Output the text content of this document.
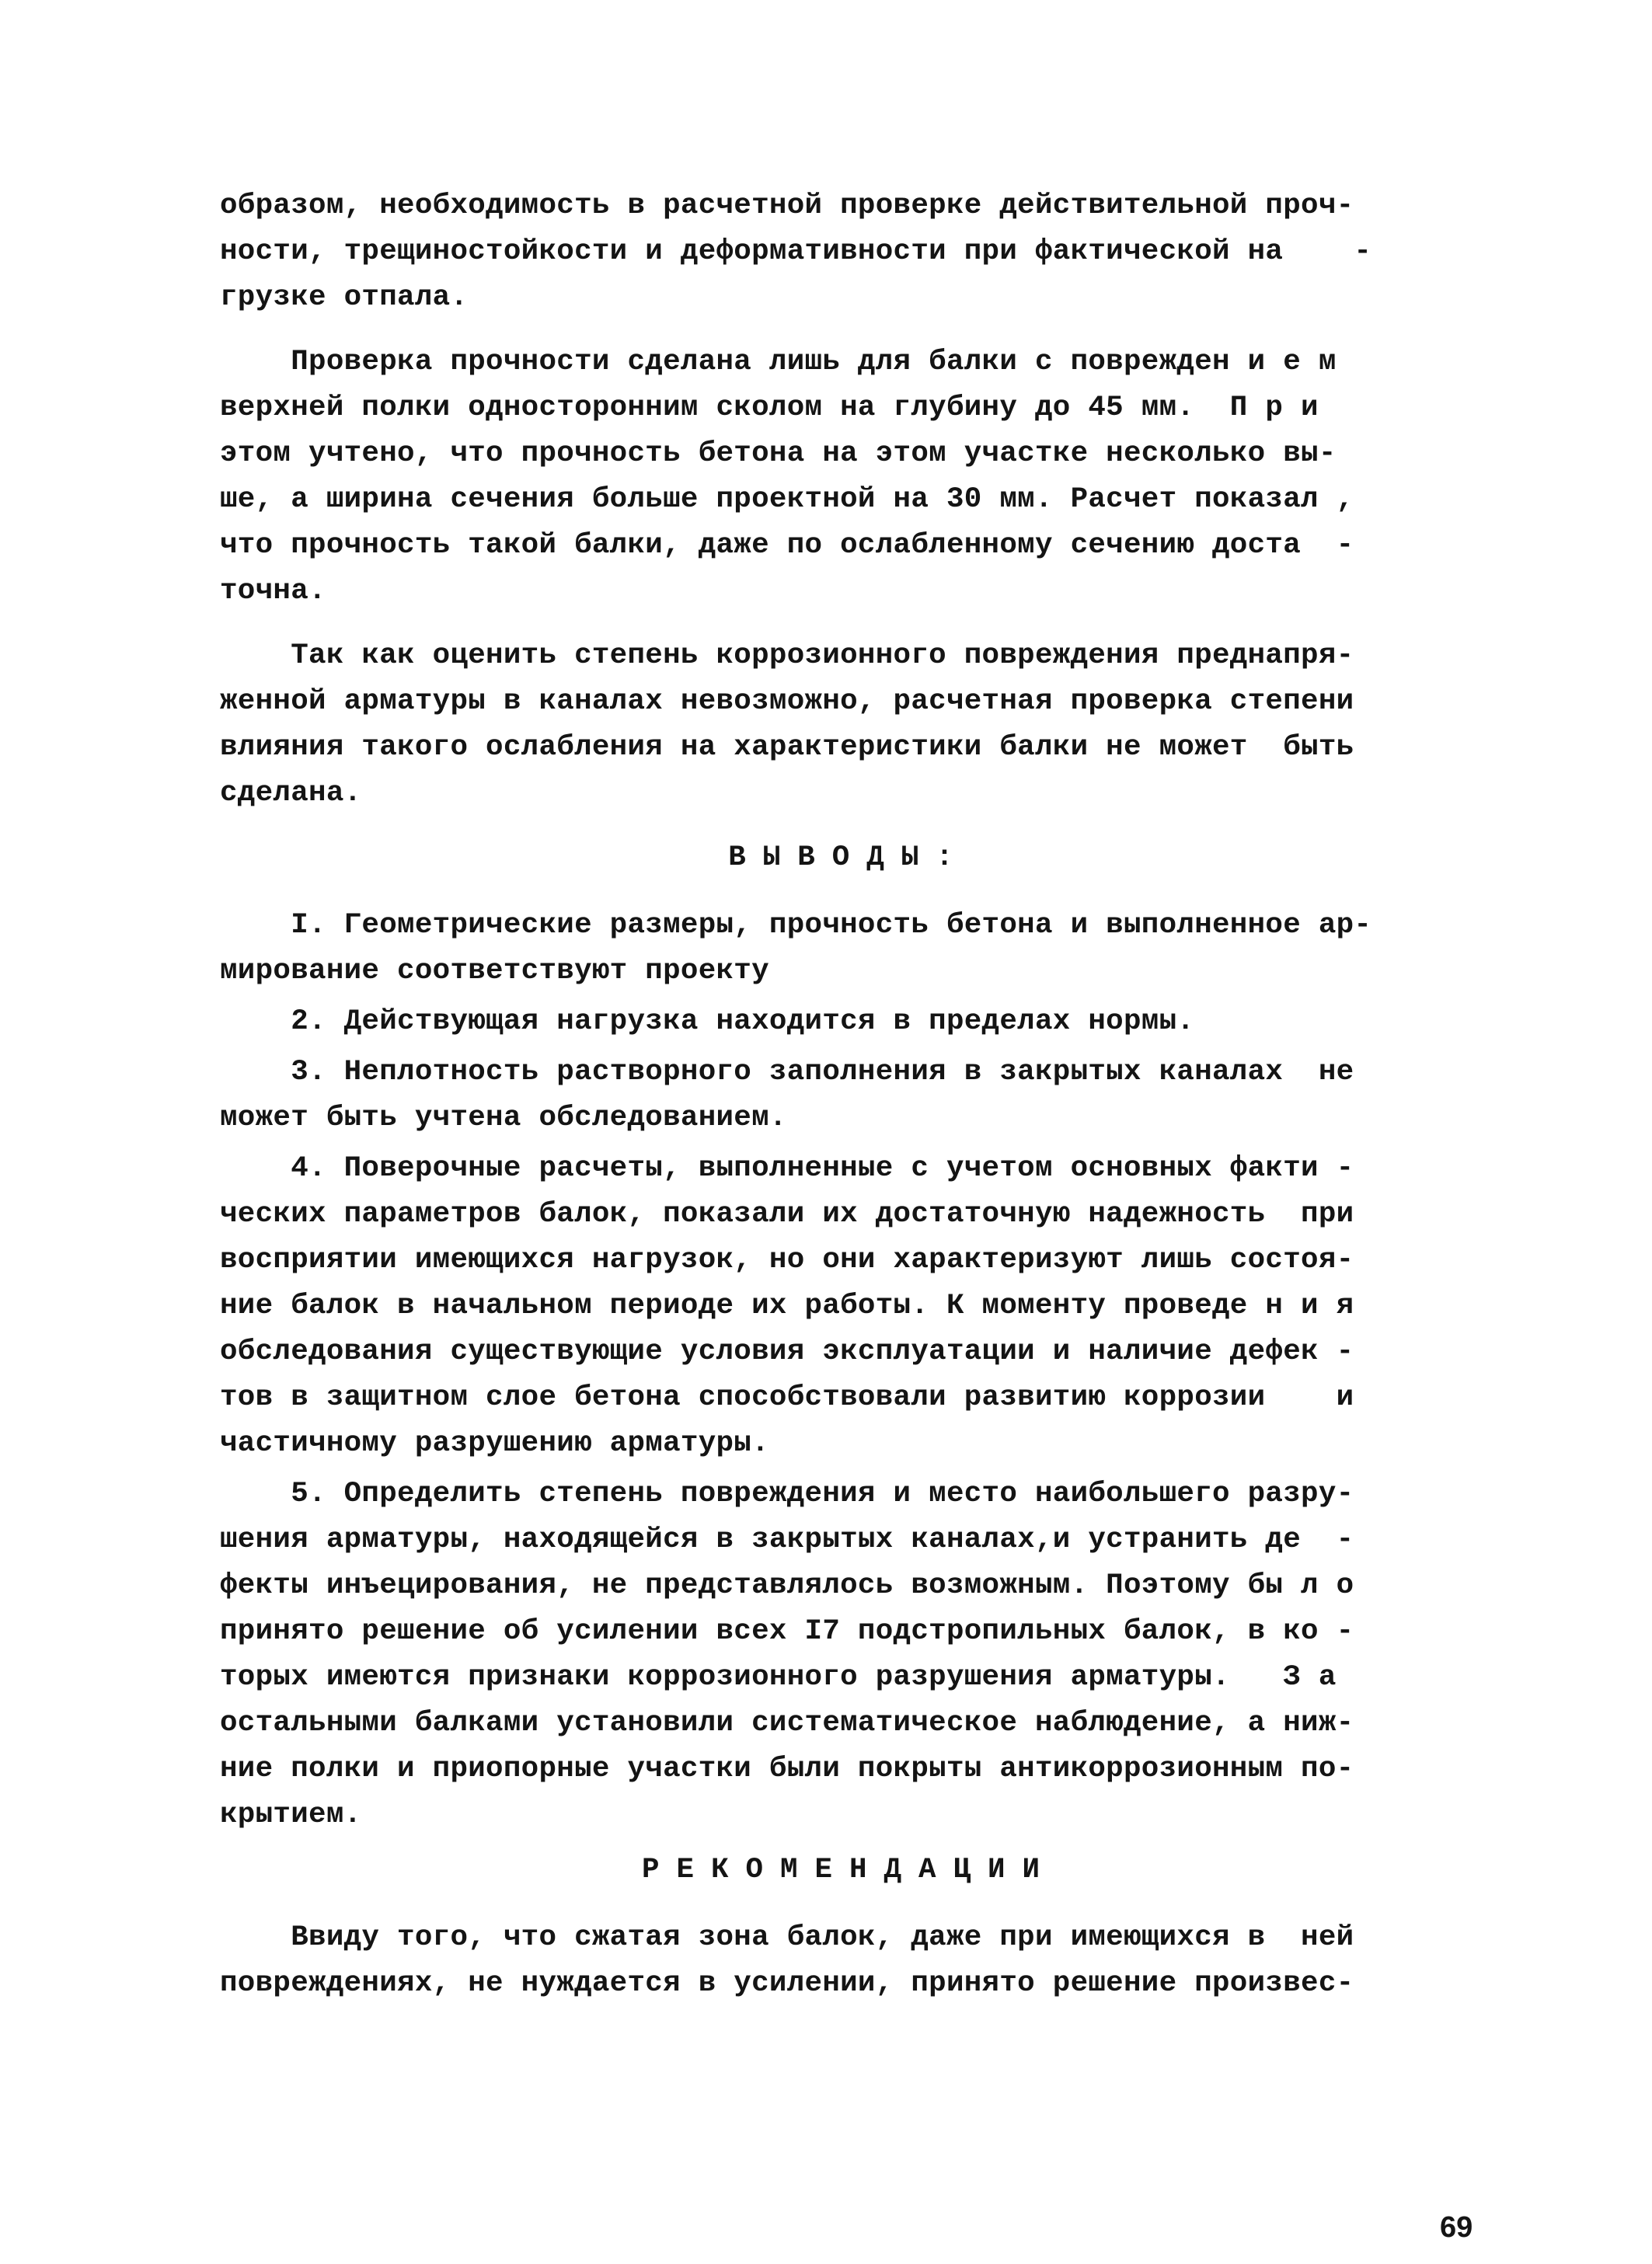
образом, необходимость в расчетной проверке действительной проч-
ности, трещиностойкости и деформативности при фактической на    -
грузке отпала.
Проверка прочности сделана лишь для балки с поврежден и е м
верхней полки односторонним сколом на глубину до 45 мм.  П р и
этом учтено, что прочность бетона на этом участке несколько вы-
ше, а ширина сечения больше проектной на 30 мм. Расчет показал ,
что прочность такой балки, даже по ослабленному сечению доста  -
точна.
Так как оценить степень коррозионного повреждения преднапря-
женной арматуры в каналах невозможно, расчетная проверка степени
влияния такого ослабления на характеристики балки не может  быть
сделана.
ВЫВОДЫ:
I. Геометрические размеры, прочность бетона и выполненное ар-
мирование соответствуют проекту
2. Действующая нагрузка находится в пределах нормы.
3. Неплотность растворного заполнения в закрытых каналах  не
может быть учтена обследованием.
4. Поверочные расчеты, выполненные с учетом основных факти -
ческих параметров балок, показали их достаточную надежность  при
восприятии имеющихся нагрузок, но они характеризуют лишь состоя-
ние балок в начальном периоде их работы. К моменту проведе н и я
обследования существующие условия эксплуатации и наличие дефек -
тов в защитном слое бетона способствовали развитию коррозии    и
частичному разрушению арматуры.
5. Определить степень повреждения и место наибольшего разру-
шения арматуры, находящейся в закрытых каналах,и устранить де  -
фекты инъецирования, не представлялось возможным. Поэтому бы л о
принято решение об усилении всех I7 подстропильных балок, в ко -
торых имеются признаки коррозионного разрушения арматуры.   З а
остальными балками установили систематическое наблюдение, а ниж-
ние полки и приопорные участки были покрыты антикоррозионным по-
крытием.
РЕКОМЕНДАЦИИ
Ввиду того, что сжатая зона балок, даже при имеющихся в  ней
повреждениях, не нуждается в усилении, принято решение произвес-
69
